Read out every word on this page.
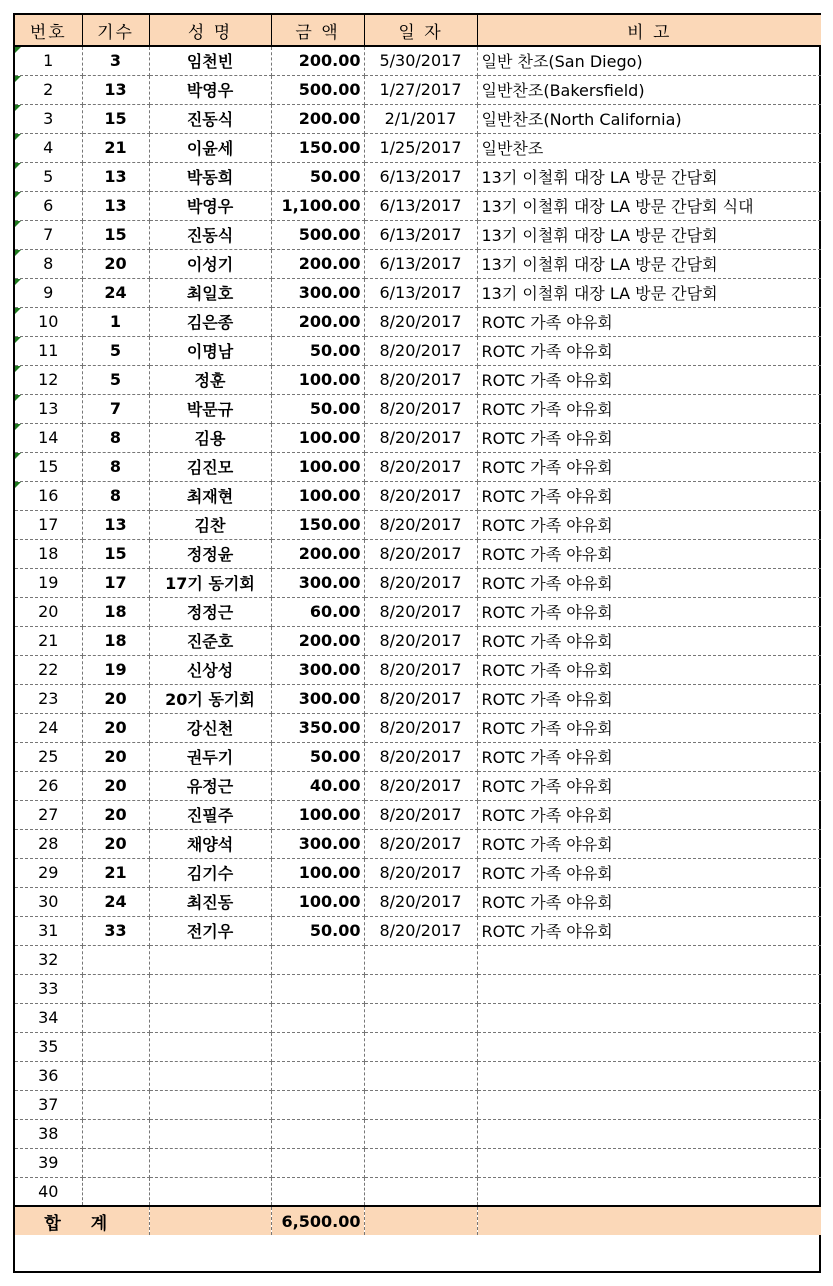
번호	기수	성 명	금 액	일 자	비 고

1	3	임천빈	200.00	5/30/2017	일반 찬조(San Diego)

2	13	박영우	500.00	1/27/2017	일반찬조(Bakersfield)

3	15	진동식	200.00	2/1/2017	일반찬조(North California)

4	21	이윤세	150.00	1/25/2017	일반찬조

5	13	박동희	50.00	6/13/2017	13기 이철휘 대장 LA 방문 간담회

6	13	박영우	1,100.00	6/13/2017	13기 이철휘 대장 LA 방문 간담회 식대

7	15	진동식	500.00	6/13/2017	13기 이철휘 대장 LA 방문 간담회

8	20	이성기	200.00	6/13/2017	13기 이철휘 대장 LA 방문 간담회

9	24	최일호	300.00	6/13/2017	13기 이철휘 대장 LA 방문 간담회

10	1	김은종	200.00	8/20/2017	ROTC 가족 야유회

11	5	이명남	50.00	8/20/2017	ROTC 가족 야유회

12	5	정훈	100.00	8/20/2017	ROTC 가족 야유회

13	7	박문규	50.00	8/20/2017	ROTC 가족 야유회

14	8	김용	100.00	8/20/2017	ROTC 가족 야유회

15	8	김진모	100.00	8/20/2017	ROTC 가족 야유회

16	8	최재현	100.00	8/20/2017	ROTC 가족 야유회
17	13	김찬	150.00	8/20/2017	ROTC 가족 야유회
18	15	정정윤	200.00	8/20/2017	ROTC 가족 야유회
19	17	17기 동기회	300.00	8/20/2017	ROTC 가족 야유회
20	18	정정근	60.00	8/20/2017	ROTC 가족 야유회
21	18	진준호	200.00	8/20/2017	ROTC 가족 야유회
22	19	신상성	300.00	8/20/2017	ROTC 가족 야유회
23	20	20기 동기회	300.00	8/20/2017	ROTC 가족 야유회
24	20	강신천	350.00	8/20/2017	ROTC 가족 야유회
25	20	권두기	50.00	8/20/2017	ROTC 가족 야유회
26	20	유정근	40.00	8/20/2017	ROTC 가족 야유회
27	20	진필주	100.00	8/20/2017	ROTC 가족 야유회
28	20	채양석	300.00	8/20/2017	ROTC 가족 야유회
29	21	김기수	100.00	8/20/2017	ROTC 가족 야유회
30	24	최진동	100.00	8/20/2017	ROTC 가족 야유회
31	33	전기우	50.00	8/20/2017	ROTC 가족 야유회
32					
33					
34					
35					
36					
37					
38					
39					
40					
합 계			6,500.00		
